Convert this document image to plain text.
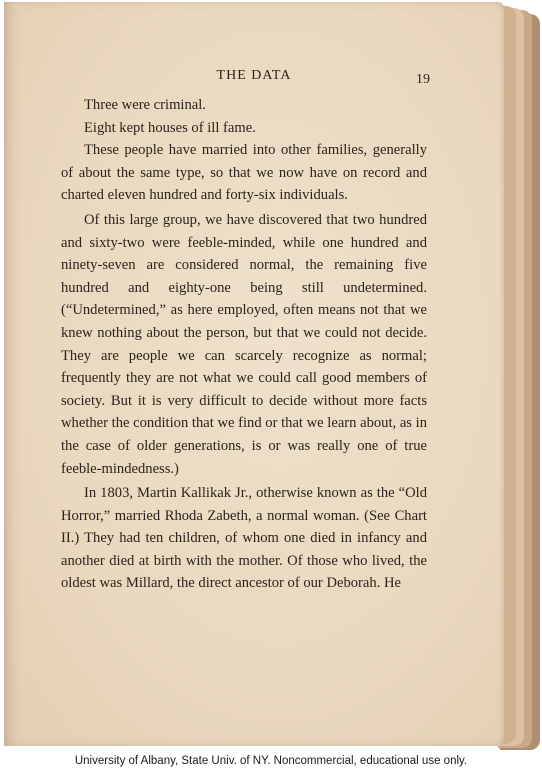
THE DATA	19

Three were criminal.

Eight kept houses of ill fame.

These people have married into other families, generally of about the same type, so that we now have on record and charted eleven hundred and forty-six individuals.

Of this large group, we have discovered that two hundred and sixty-two were feeble-minded, while one hundred and ninety-seven are considered normal, the remaining five hundred and eighty-one being still undetermined. (“Undetermined,” as here employed, often means not that we knew nothing about the person, but that we could not decide. They are people we can scarcely recognize as normal; frequently they are not what we could call good members of society. But it is very difficult to decide without more facts whether the condition that we find or that we learn about, as in the case of older generations, is or was really one of true feeble-mindedness.)

In 1803, Martin Kallikak Jr., otherwise known as the “Old Horror,” married Rhoda Zabeth, a normal woman. (See Chart II.) They had ten children, of whom one died in infancy and another died at birth with the mother. Of those who lived, the oldest was Millard, the direct ancestor of our Deborah. He

University of Albany, State Univ. of NY. Noncommercial, educational use only.
